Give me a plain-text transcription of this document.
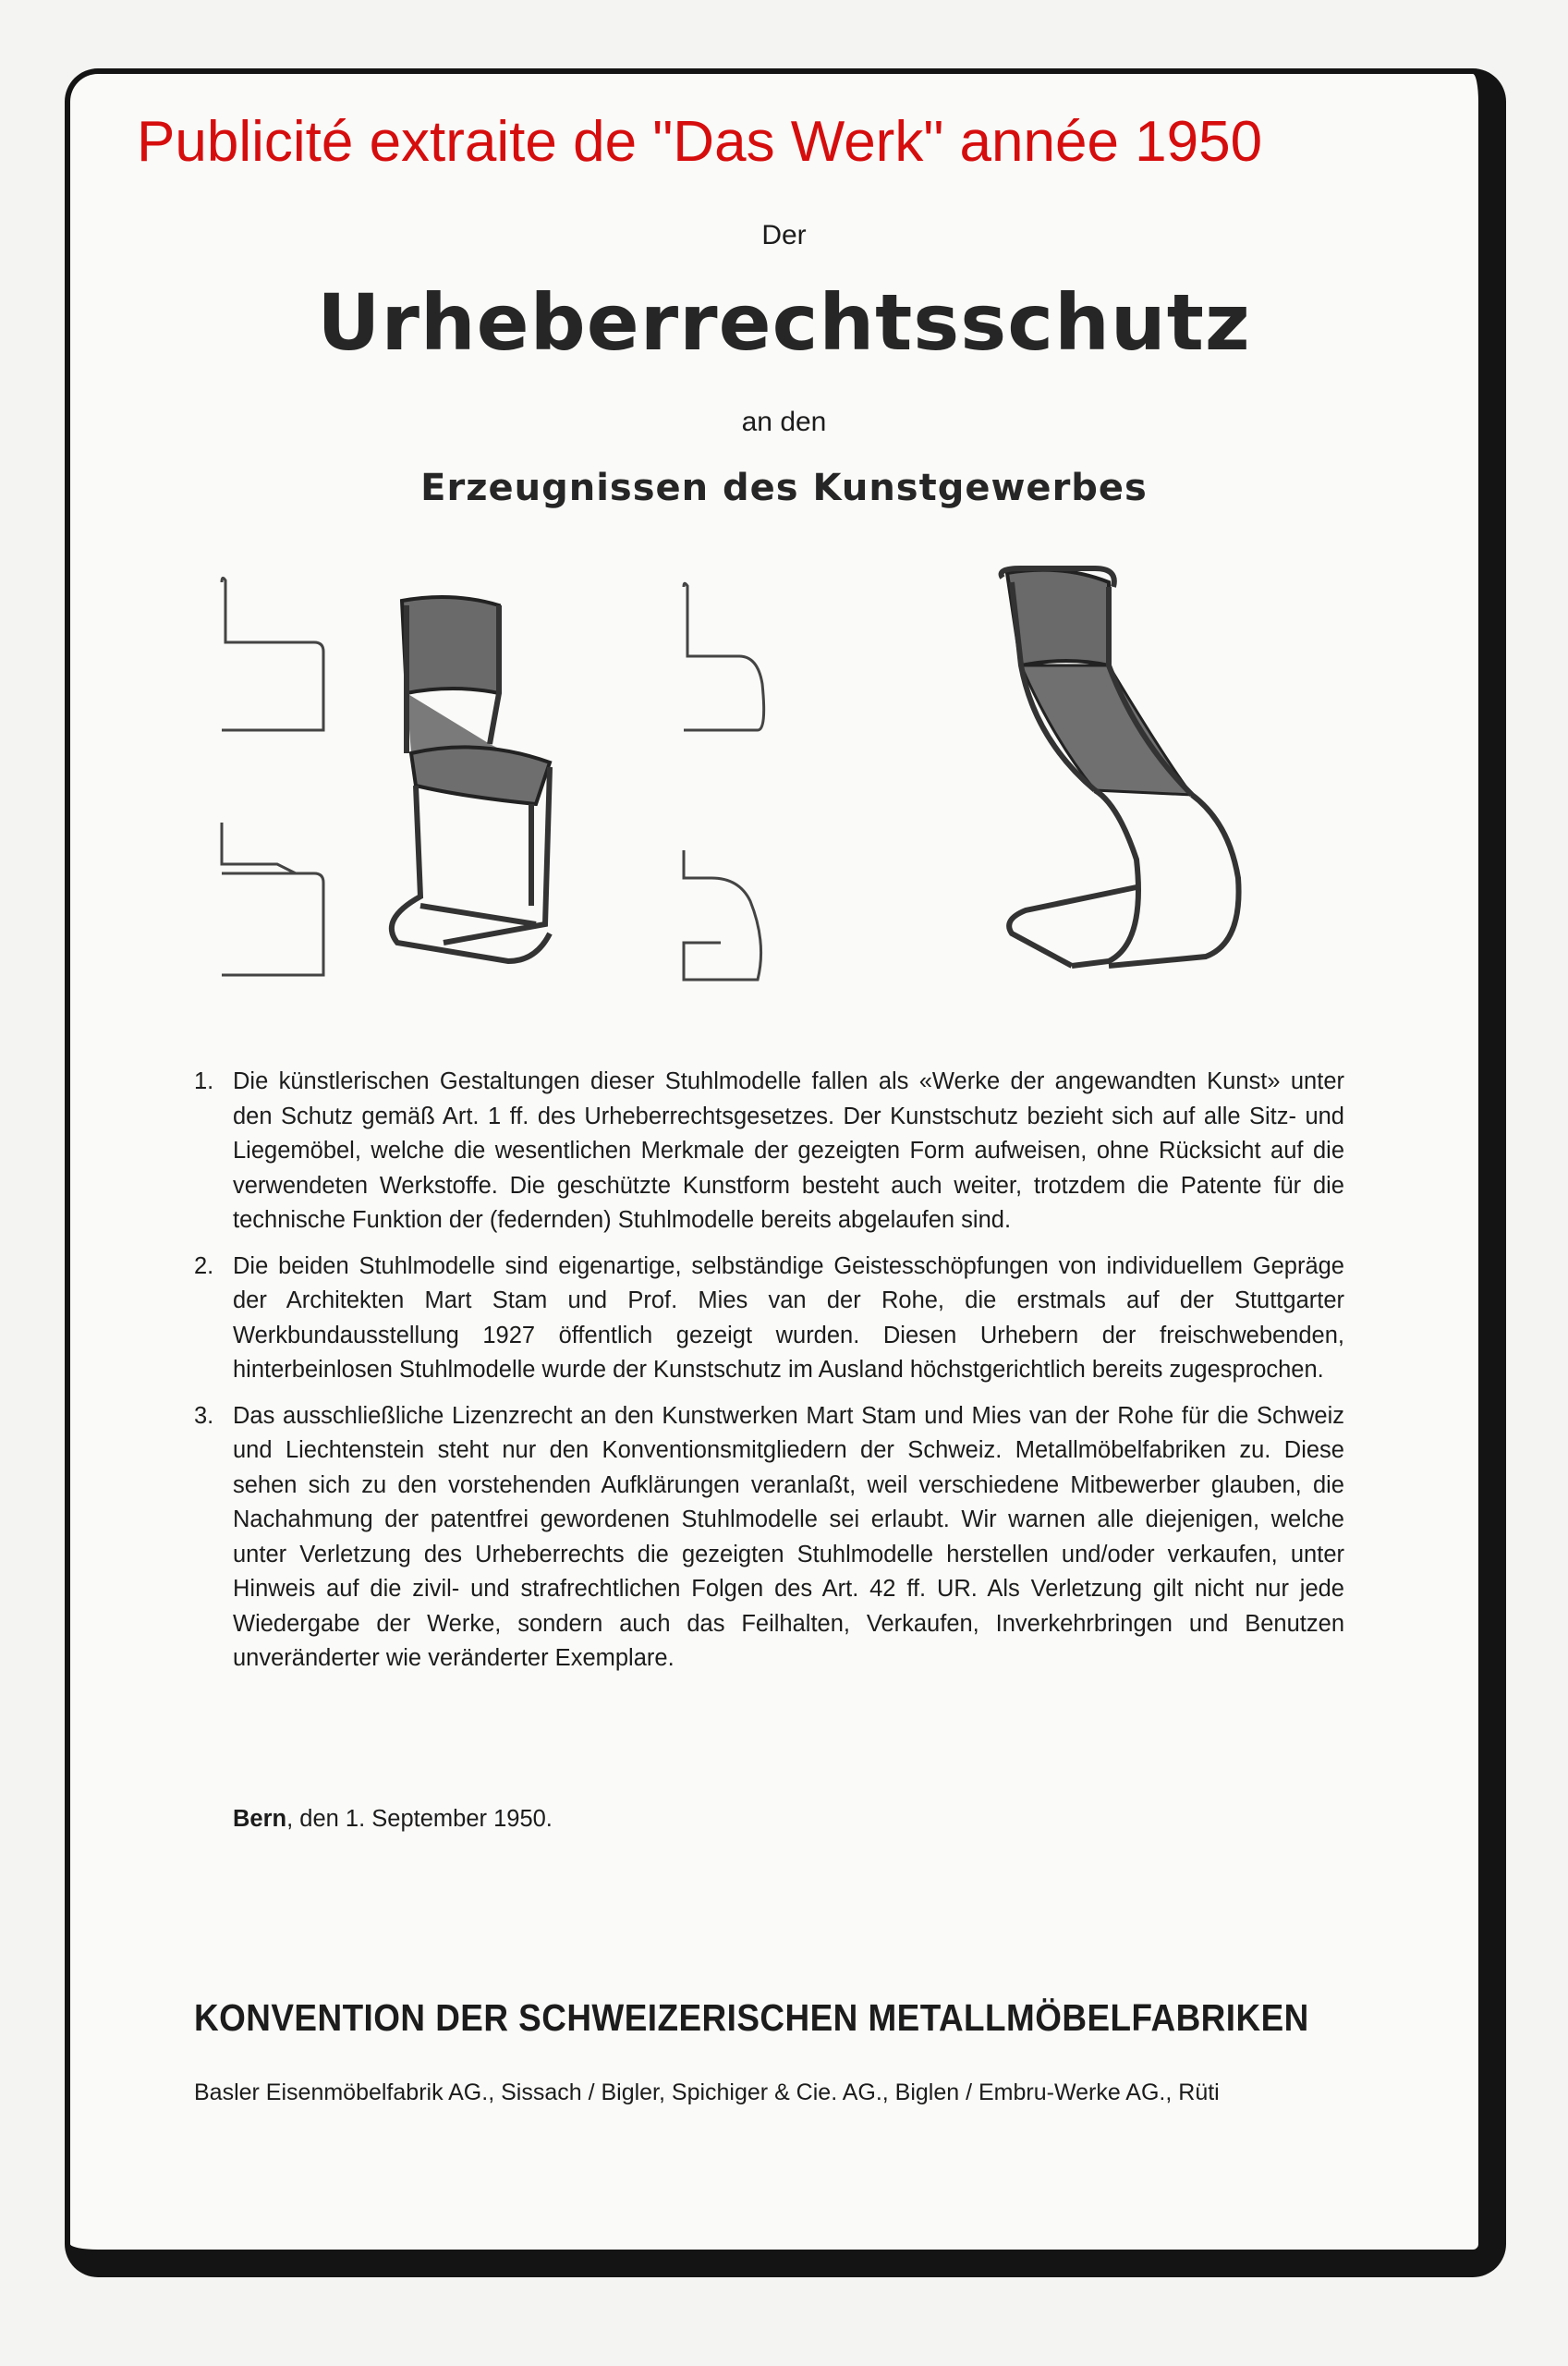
Publicité extraite de "Das Werk" année 1950
Der
Urheberrechtsschutz
an den
Erzeugnissen des Kunstgewerbes
1. Die künstlerischen Gestaltungen dieser Stuhlmodelle fallen als «Werke der angewandten Kunst» unter den Schutz gemäß Art. 1 ff. des Urheberrechtsgesetzes. Der Kunstschutz bezieht sich auf alle Sitz- und Liegemöbel, welche die wesentlichen Merkmale der gezeigten Form aufweisen, ohne Rücksicht auf die verwendeten Werkstoffe. Die geschützte Kunstform besteht auch weiter, trotzdem die Patente für die technische Funktion der (federnden) Stuhlmodelle bereits abgelaufen sind.
2. Die beiden Stuhlmodelle sind eigenartige, selbständige Geistesschöpfungen von individuellem Gepräge der Architekten Mart Stam und Prof. Mies van der Rohe, die erstmals auf der Stuttgarter Werkbundausstellung 1927 öffentlich gezeigt wurden. Diesen Urhebern der freischwebenden, hinterbeinlosen Stuhlmodelle wurde der Kunstschutz im Ausland höchstgerichtlich bereits zugesprochen.
3. Das ausschließliche Lizenzrecht an den Kunstwerken Mart Stam und Mies van der Rohe für die Schweiz und Liechtenstein steht nur den Konventionsmitgliedern der Schweiz. Metallmöbelfabriken zu. Diese sehen sich zu den vorstehenden Aufklärungen veranlaßt, weil verschiedene Mitbewerber glauben, die Nachahmung der patentfrei gewordenen Stuhlmodelle sei erlaubt. Wir warnen alle diejenigen, welche unter Verletzung des Urheberrechts die gezeigten Stuhlmodelle herstellen und/oder verkaufen, unter Hinweis auf die zivil- und strafrechtlichen Folgen des Art. 42 ff. UR. Als Verletzung gilt nicht nur jede Wiedergabe der Werke, sondern auch das Feilhalten, Verkaufen, Inverkehrbringen und Benutzen unveränderter wie veränderter Exemplare.
Bern, den 1. September 1950.
KONVENTION DER SCHWEIZERISCHEN METALLMÖBELFABRIKEN
Basler Eisenmöbelfabrik AG., Sissach / Bigler, Spichiger & Cie. AG., Biglen / Embru-Werke AG., Rüti
